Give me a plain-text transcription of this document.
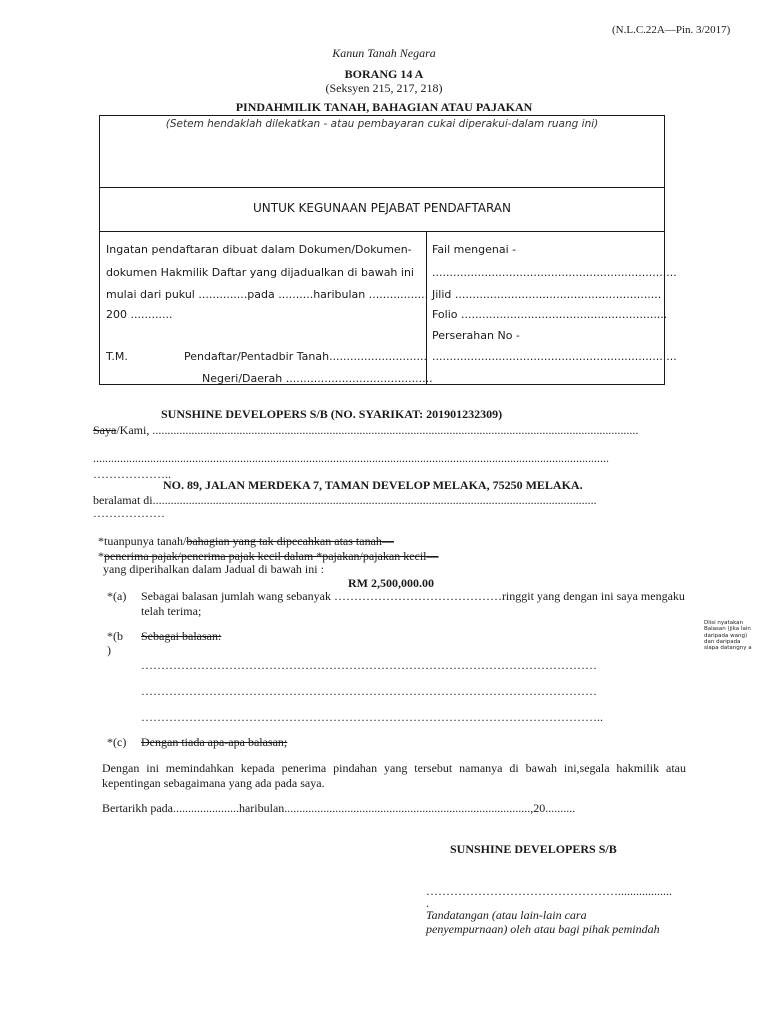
(N.L.C.22A—Pin. 3/2017)
Kanun Tanah Negara
BORANG 14 A
(Seksyen 215, 217, 218)
PINDAHMILIK TANAH, BAHAGIAN ATAU PAJAKAN
(Setem hendaklah dilekatkan - atau pembayaran cukai diperakui-dalam ruang ini)
UNTUK KEGUNAAN PEJABAT PENDAFTARAN
Ingatan pendaftaran dibuat dalam Dokumen/Dokumen-
dokumen Hakmilik Daftar yang dijadualkan di bawah ini
mulai dari pukul ..............pada ..........haribulan .................
200 ............
T.M.	Pendaftar/Pentadbir Tanah............................
Negeri/Daerah ..........................................
Fail mengenai -
......................................................................
Jilid ...........................................................
Folio ...........................................................
Perserahan No -
......................................................................
SUNSHINE DEVELOPERS S/B (NO. SYARIKAT: 201901232309)
Saya/Kami, ..................................................................................................................................................................
............................................................................................................................................................................
………………..
NO. 89, JALAN MERDEKA 7, TAMAN DEVELOP MELAKA, 75250 MELAKA.
beralamat di....................................................................................................................................................
………………
*tuanpunya tanah/bahagian yang tak dipecahkan atas tanah—
*penerima pajak/penerima pajak kecil dalam *pajakan/pajakan kecil—
yang diperihalkan dalam Jadual di bawah ini :
RM 2,500,000.00
*(a) Sebagai balasan jumlah wang sebanyak ……………………………………ringgit yang dengan ini saya mengaku
telah terima;
*(b
)
Sebagai balasan:
……………………………………………………………………………………………………
……………………………………………………………………………………………………
……………………………………………………………………………………………………..
*(c) Dengan tiada apa-apa balasan;
Diisi nyatakan Balasan (jika lain daripada wang) dan daripada siapa datangny a
Dengan ini memindahkan kepada penerima pindahan yang tersebut namanya di bawah ini,segala hakmilik atau kepentingan sebagaimana yang ada pada saya.
Bertarikh pada......................haribulan..................................................................................,20..........
SUNSHINE DEVELOPERS S/B
…………………………………………..................
.
Tandatangan (atau lain-lain cara
penyempurnaan) oleh atau bagi pihak pemindah
